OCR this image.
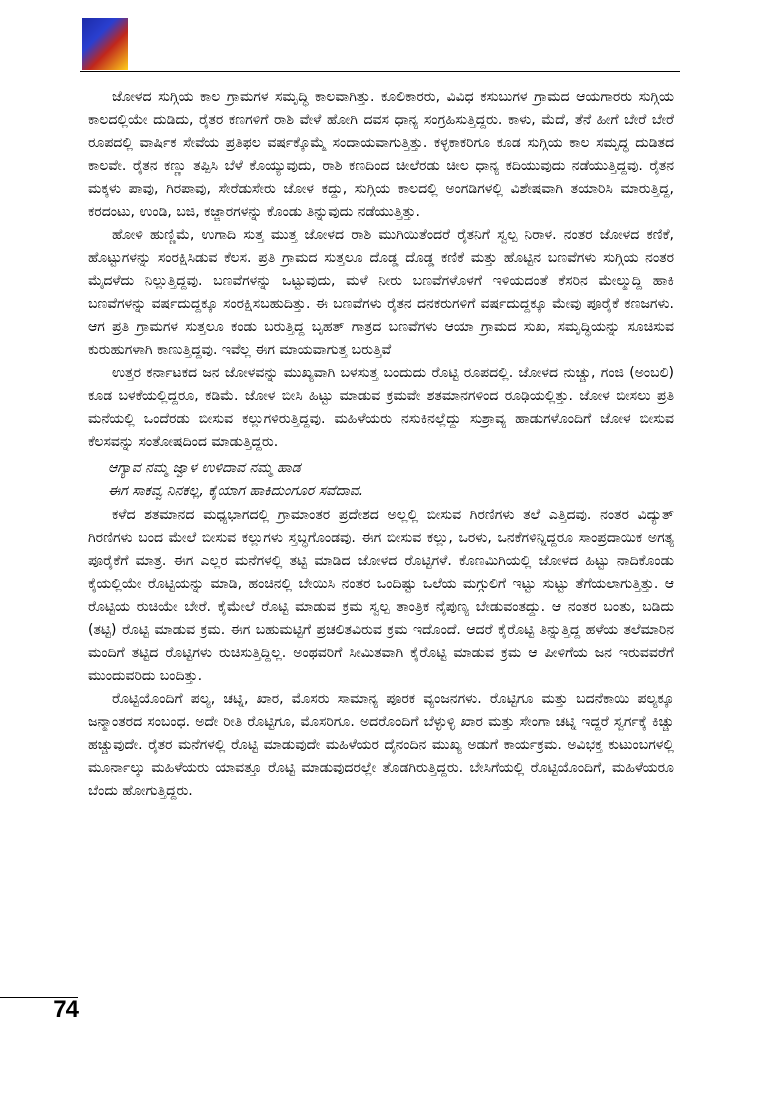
ಜೋಳದ ಸುಗ್ಗಿಯ ಕಾಲ ಗ್ರಾಮಗಳ ಸಮೃದ್ಧಿ ಕಾಲವಾಗಿತ್ತು. ಕೂಲಿಕಾರರು, ವಿವಿಧ ಕಸುಬುಗಳ ಗ್ರಾಮದ ಆಯಗಾರರು ಸುಗ್ಗಿಯ ಕಾಲದಲ್ಲಿಯೇ ದುಡಿದು, ರೈತರ ಕಣಗಳಿಗೆ ರಾಶಿ ವೇಳೆ ಹೋಗಿ ದವಸ ಧಾನ್ಯ ಸಂಗ್ರಹಿಸುತ್ತಿದ್ದರು. ಕಾಳು, ಮೆದೆ, ತೆನೆ ಹೀಗೆ ಬೇರೆ ಬೇರೆ ರೂಪದಲ್ಲಿ ವಾರ್ಷಿಕ ಸೇವೆಯ ಪ್ರತಿಫಲ ವರ್ಷಕ್ಕೊಮ್ಮೆ ಸಂದಾಯವಾಗುತ್ತಿತ್ತು. ಕಳ್ಳಕಾಕರಿಗೂ ಕೂಡ ಸುಗ್ಗಿಯ ಕಾಲ ಸಮೃದ್ಧ ದುಡಿತದ ಕಾಲವೇ. ರೈತನ ಕಣ್ಣು ತಪ್ಪಿಸಿ ಬೆಳೆ ಕೊಯ್ಯುವುದು, ರಾಶಿ ಕಣದಿಂದ ಚೀಲೆರಡು ಚೀಲ ಧಾನ್ಯ ಕದಿಯುವುದು ನಡೆಯುತ್ತಿದ್ದವು. ರೈತನ ಮಕ್ಕಳು ಪಾವು, ಗಿರಪಾವು, ಸೇರೆಡುಸೇರು ಜೋಳ ಕದ್ದು, ಸುಗ್ಗಿಯ ಕಾಲದಲ್ಲಿ ಅಂಗಡಿಗಳಲ್ಲಿ ವಿಶೇಷವಾಗಿ ತಯಾರಿಸಿ ಮಾರುತ್ತಿದ್ದ, ಕರದಂಟು, ಉಂಡಿ, ಬಜಿ, ಕಜ್ಜಾರಗಳನ್ನು ಕೊಂಡು ತಿನ್ನುವುದು ನಡೆಯುತ್ತಿತ್ತು.

ಹೋಳಿ ಹುಣ್ಣಿಮೆ, ಉಗಾದಿ ಸುತ್ತ ಮುತ್ತ ಜೋಳದ ರಾಶಿ ಮುಗಿಯಿತೆಂದರೆ ರೈತನಿಗೆ ಸ್ವಲ್ಪ ನಿರಾಳ. ನಂತರ ಜೋಳದ ಕಣಿಕೆ, ಹೊಟ್ಟುಗಳನ್ನು ಸಂರಕ್ಷಿಸಿಡುವ ಕೆಲಸ. ಪ್ರತಿ ಗ್ರಾಮದ ಸುತ್ತಲೂ ದೊಡ್ಡ ದೊಡ್ಡ ಕಣಿಕೆ ಮತ್ತು ಹೊಟ್ಟಿನ ಬಣವೆಗಳು ಸುಗ್ಗಿಯ ನಂತರ ಮೈದಳೆದು ನಿಲ್ಲುತ್ತಿದ್ದವು. ಬಣವೆಗಳನ್ನು ಒಟ್ಟುವುದು, ಮಳೆ ನೀರು ಬಣವೆಗಳೊಳಗೆ ಇಳಿಯದಂತೆ ಕೆಸರಿನ ಮೇಲ್ಮುದ್ದಿ ಹಾಕಿ ಬಣವೆಗಳನ್ನು ವರ್ಷದುದ್ದಕ್ಕೂ ಸಂರಕ್ಷಿಸಬಹುದಿತ್ತು. ಈ ಬಣವೆಗಳು ರೈತನ ದನಕರುಗಳಿಗೆ ವರ್ಷದುದ್ದಕ್ಕೂ ಮೇವು ಪೂರೈಕೆ ಕಣಜಗಳು. ಆಗ ಪ್ರತಿ ಗ್ರಾಮಗಳ ಸುತ್ತಲೂ ಕಂಡು ಬರುತ್ತಿದ್ದ ಬೃಹತ್ ಗಾತ್ರದ ಬಣವೆಗಳು ಆಯಾ ಗ್ರಾಮದ ಸುಖ, ಸಮೃದ್ಧಿಯನ್ನು ಸೂಚಿಸುವ ಕುರುಹುಗಳಾಗಿ ಕಾಣುತ್ತಿದ್ದವು. ಇವೆಲ್ಲ ಈಗ ಮಾಯವಾಗುತ್ತ ಬರುತ್ತಿವೆ

ಉತ್ತರ ಕರ್ನಾಟಕದ ಜನ ಜೋಳವನ್ನು ಮುಖ್ಯವಾಗಿ ಬಳಸುತ್ತ ಬಂದುದು ರೊಟ್ಟಿ ರೂಪದಲ್ಲಿ. ಜೋಳದ ನುಚ್ಚು, ಗಂಜಿ (ಅಂಬಲಿ) ಕೂಡ ಬಳಕೆಯಲ್ಲಿದ್ದರೂ, ಕಡಿಮೆ. ಜೋಳ ಬೀಸಿ ಹಿಟ್ಟು ಮಾಡುವ ಕ್ರಮವೇ ಶತಮಾನಗಳಿಂದ ರೂಢಿಯಲ್ಲಿತ್ತು. ಜೋಳ ಬೀಸಲು ಪ್ರತಿ ಮನೆಯಲ್ಲಿ ಒಂದೆರಡು ಬೀಸುವ ಕಲ್ಲುಗಳಿರುತ್ತಿದ್ದವು. ಮಹಿಳೆಯರು ನಸುಕಿನಲ್ಲೆದ್ದು ಸುಶ್ರಾವ್ಯ ಹಾಡುಗಳೊಂದಿಗೆ ಜೋಳ ಬೀಸುವ ಕೆಲಸವನ್ನು ಸಂತೋಷದಿಂದ ಮಾಡುತ್ತಿದ್ದರು.

ಆಗ್ಯಾವ ನಮ್ಮ ಜ್ವಾಳ ಉಳಿದಾವ ನಮ್ಮ ಹಾಡ
ಈಗ ಸಾಕವ್ವ ನಿನಕಲ್ಲ, ಕೈಯಾಗ ಹಾಕಿದುಂಗೂರ ಸವೆದಾವ.

ಕಳೆದ ಶತಮಾನದ ಮಧ್ಯಭಾಗದಲ್ಲಿ ಗ್ರಾಮಾಂತರ ಪ್ರದೇಶದ ಅಲ್ಲಲ್ಲಿ ಬೀಸುವ ಗಿರಣಿಗಳು ತಲೆ ಎತ್ತಿದವು. ನಂತರ ವಿದ್ಯುತ್ ಗಿರಣಿಗಳು ಬಂದ ಮೇಲೆ ಬೀಸುವ ಕಲ್ಲುಗಳು ಸ್ತಬ್ಧಗೊಂಡವು. ಈಗ ಬೀಸುವ ಕಲ್ಲು, ಒರಳು, ಒನಕೆಗಳಿನ್ನಿದ್ದರೂ ಸಾಂಪ್ರದಾಯಿಕ ಅಗತ್ಯ ಪೂರೈಕೆಗೆ ಮಾತ್ರ. ಈಗ ಎಲ್ಲರ ಮನೆಗಳಲ್ಲಿ ತಟ್ಟಿ ಮಾಡಿದ ಜೋಳದ ರೊಟ್ಟಿಗಳೆ. ಕೊಣಮಿಗಿಯಲ್ಲಿ ಜೋಳದ ಹಿಟ್ಟು ನಾದಿಕೊಂಡು ಕೈಯಲ್ಲಿಯೇ ರೊಟ್ಟಿಯನ್ನು ಮಾಡಿ, ಹಂಚಿನಲ್ಲಿ ಬೇಯಿಸಿ ನಂತರ ಒಂದಿಷ್ಟು ಒಲೆಯ ಮಗ್ಗುಲಿಗೆ ಇಟ್ಟು ಸುಟ್ಟು ತೆಗೆಯಲಾಗುತ್ತಿತ್ತು. ಆ ರೊಟ್ಟಿಯ ರುಚಿಯೇ ಬೇರೆ. ಕೈಮೇಲೆ ರೊಟ್ಟಿ ಮಾಡುವ ಕ್ರಮ ಸ್ವಲ್ಪ ತಾಂತ್ರಿಕ ನೈಪುಣ್ಯ ಬೇಡುವಂತದ್ದು. ಆ ನಂತರ ಬಂತು, ಬಡಿದು (ತಟ್ಟಿ) ರೊಟ್ಟಿ ಮಾಡುವ ಕ್ರಮ. ಈಗ ಬಹುಮಟ್ಟಿಗೆ ಪ್ರಚಲಿತವಿರುವ ಕ್ರಮ ಇದೊಂದೆ. ಆದರೆ ಕೈರೊಟ್ಟಿ ತಿನ್ನುತ್ತಿದ್ದ ಹಳೆಯ ತಲೆಮಾರಿನ ಮಂದಿಗೆ ತಟ್ಟಿದ ರೊಟ್ಟಿಗಳು ರುಚಿಸುತ್ತಿದ್ದಿಲ್ಲ. ಅಂಥವರಿಗೆ ಸೀಮಿತವಾಗಿ ಕೈರೊಟ್ಟಿ ಮಾಡುವ ಕ್ರಮ ಆ ಪೀಳಿಗೆಯ ಜನ ಇರುವವರೆಗೆ ಮುಂದುವರಿದು ಬಂದಿತ್ತು.

ರೊಟ್ಟಿಯೊಂದಿಗೆ ಪಲ್ಯ, ಚಟ್ನಿ, ಖಾರ, ಮೊಸರು ಸಾಮಾನ್ಯ ಪೂರಕ ವ್ಯಂಜನಗಳು. ರೊಟ್ಟಿಗೂ ಮತ್ತು ಬದನೆಕಾಯಿ ಪಲ್ಯಕ್ಕೂ ಜನ್ಮಾಂತರದ ಸಂಬಂಧ. ಅದೇ ರೀತಿ ರೊಟ್ಟಿಗೂ, ಮೊಸರಿಗೂ. ಅದರೊಂದಿಗೆ ಬೆಳ್ಳುಳ್ಳಿ ಖಾರ ಮತ್ತು ಸೇಂಗಾ ಚಟ್ನಿ ಇದ್ದರೆ ಸ್ವರ್ಗಕ್ಕೆ ಕಿಚ್ಚು ಹಚ್ಚುವುದೇ. ರೈತರ ಮನೆಗಳಲ್ಲಿ ರೊಟ್ಟಿ ಮಾಡುವುದೇ ಮಹಿಳೆಯರ ದೈನಂದಿನ ಮುಖ್ಯ ಅಡುಗೆ ಕಾರ್ಯಕ್ರಮ. ಅವಿಭಕ್ತ ಕುಟುಂಬಗಳಲ್ಲಿ ಮೂರ್ನಾಲ್ಕು ಮಹಿಳೆಯರು ಯಾವತ್ತೂ ರೊಟ್ಟಿ ಮಾಡುವುದರಲ್ಲೇ ತೊಡಗಿರುತ್ತಿದ್ದರು. ಬೇಸಿಗೆಯಲ್ಲಿ ರೊಟ್ಟಿಯೊಂದಿಗೆ, ಮಹಿಳೆಯರೂ ಬೆಂದು ಹೋಗುತ್ತಿದ್ದರು.

74
